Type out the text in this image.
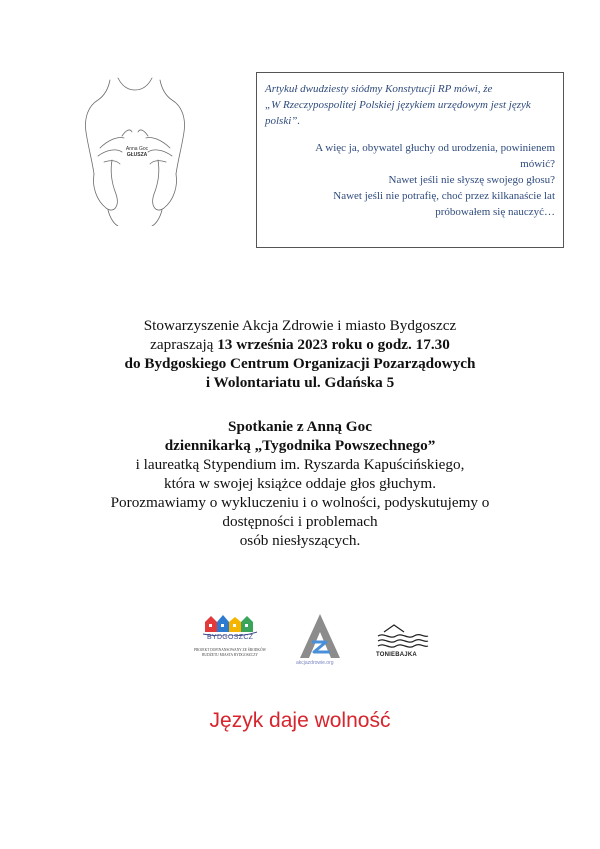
Anna Goc
GŁUSZA

Artykuł dwudziesty siódmy Konstytucji RP mówi, że

„W Rzeczypospolitej Polskiej językiem urzędowym jest język

polski”.

A więc ja, obywatel głuchy od urodzenia, powinienem

mówić?

Nawet jeśli nie słyszę swojego głosu?

Nawet jeśli nie potrafię, choć przez kilkanaście lat

próbowałem się nauczyć…

Stowarzyszenie Akcja Zdrowie i miasto Bydgoszcz

zapraszają 13 września 2023 roku o godz. 17.30

do Bydgoskiego Centrum Organizacji Pozarządowych

i Wolontariatu ul. Gdańska 5

Spotkanie z Anną Goc

dziennikarką „Tygodnika Powszechnego”

i laureatką Stypendium im. Ryszarda Kapuścińskiego,

która w swojej książce oddaje głos głuchym.

Porozmawiamy o wykluczeniu i o wolności, podyskutujemy o

dostępności i problemach

osób niesłyszących.

BYDGOSZCZ
PROJEKT DOFINANSOWANY ZE ŚRODKÓW
BUDŻETU MIASTA BYDGOSZCZY
akcjazdrowie.org
TONIEBAJKA
Język daje wolność
